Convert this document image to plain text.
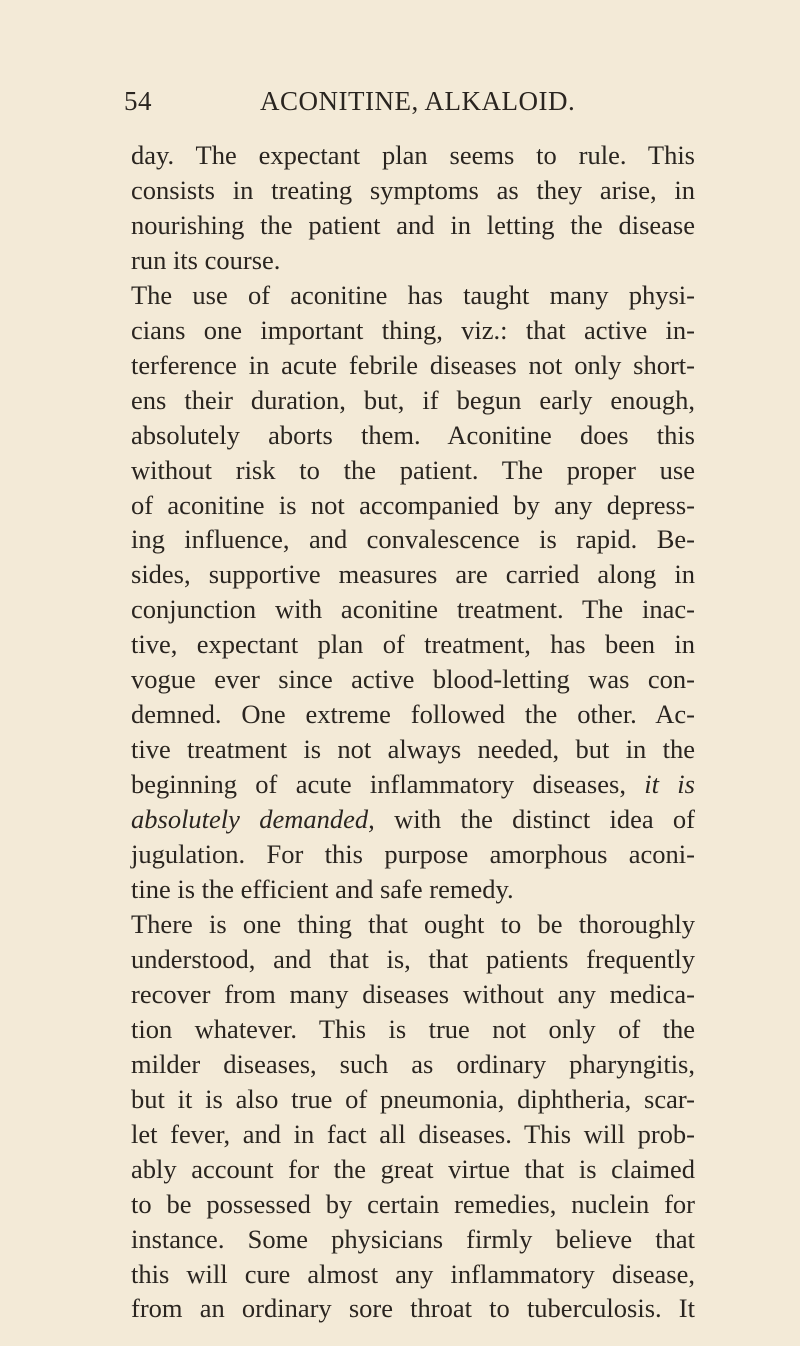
54	ACONITINE, ALKALOID.

day. The expectant plan seems to rule. This
consists in treating symptoms as they arise, in
nourishing the patient and in letting the disease
run its course.

The use of aconitine has taught many physi-
cians one important thing, viz.: that active in-
terference in acute febrile diseases not only short-
ens their duration, but, if begun early enough,
absolutely aborts them. Aconitine does this
without risk to the patient. The proper use
of aconitine is not accompanied by any depress-
ing influence, and convalescence is rapid. Be-
sides, supportive measures are carried along in
conjunction with aconitine treatment. The inac-
tive, expectant plan of treatment, has been in
vogue ever since active blood-letting was con-
demned. One extreme followed the other. Ac-
tive treatment is not always needed, but in the
beginning of acute inflammatory diseases, it is
absolutely demanded, with the distinct idea of
jugulation. For this purpose amorphous aconi-
tine is the efficient and safe remedy.

There is one thing that ought to be thoroughly
understood, and that is, that patients frequently
recover from many diseases without any medica-
tion whatever. This is true not only of the
milder diseases, such as ordinary pharyngitis,
but it is also true of pneumonia, diphtheria, scar-
let fever, and in fact all diseases. This will prob-
ably account for the great virtue that is claimed
to be possessed by certain remedies, nuclein for
instance. Some physicians firmly believe that
this will cure almost any inflammatory disease,
from an ordinary sore throat to tuberculosis. It
